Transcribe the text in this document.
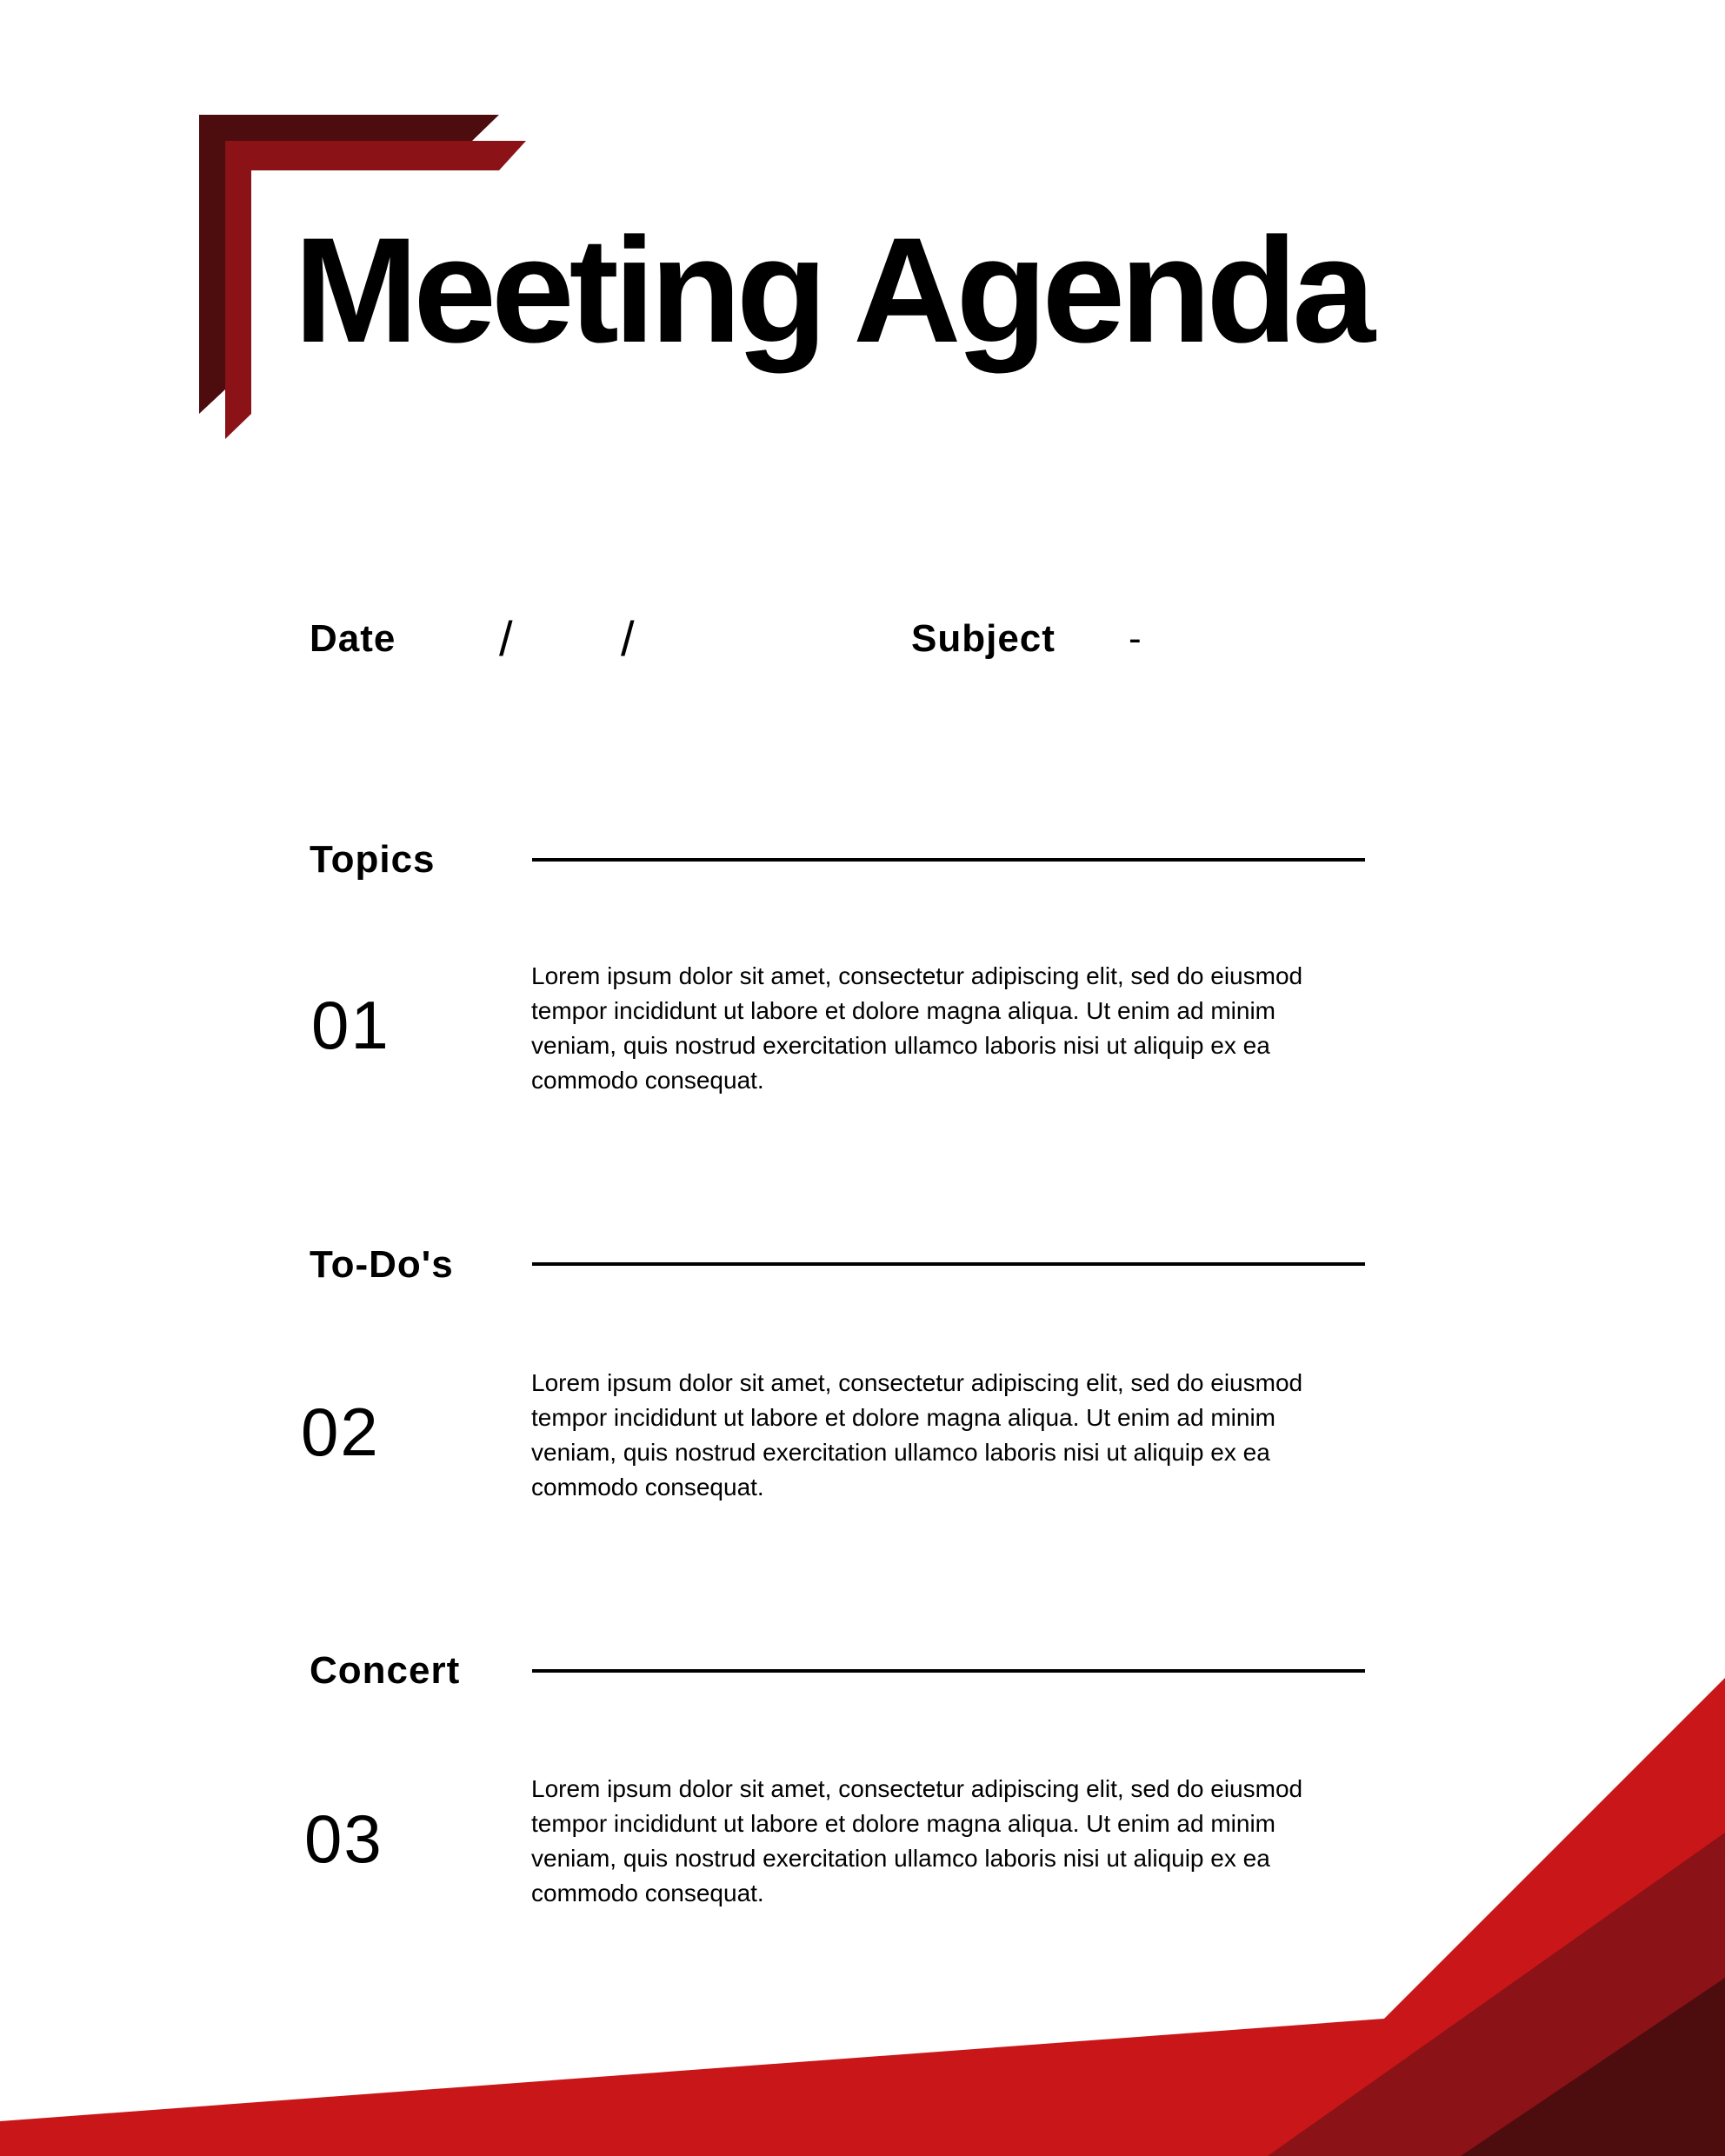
Meeting Agenda
Date / /	Subject -
Topics
01

Lorem ipsum dolor sit amet, consectetur adipiscing elit, sed do eiusmod tempor incididunt ut labore et dolore magna aliqua. Ut enim ad minim veniam, quis nostrud exercitation ullamco laboris nisi ut aliquip ex ea commodo consequat.

To-Do's
02

Lorem ipsum dolor sit amet, consectetur adipiscing elit, sed do eiusmod tempor incididunt ut labore et dolore magna aliqua. Ut enim ad minim veniam, quis nostrud exercitation ullamco laboris nisi ut aliquip ex ea commodo consequat.

Concert
03

Lorem ipsum dolor sit amet, consectetur adipiscing elit, sed do eiusmod tempor incididunt ut labore et dolore magna aliqua. Ut enim ad minim veniam, quis nostrud exercitation ullamco laboris nisi ut aliquip ex ea commodo consequat.
